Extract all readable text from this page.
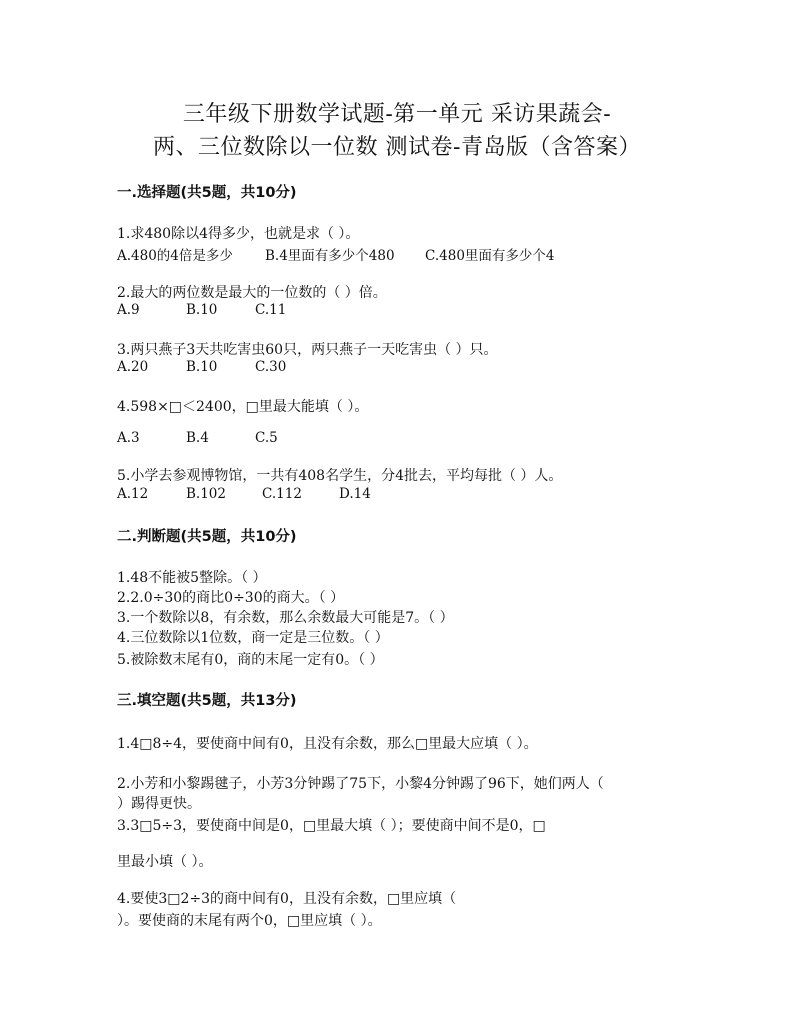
三年级下册数学试题-第一单元 采访果蔬会-
两、三位数除以一位数 测试卷-青岛版（含答案）
一.选择题(共5题，共10分)
1.求480除以4得多少，也就是求（ ）。
A.480的4倍是多少 B.4里面有多少个480 C.480里面有多少个4
2.最大的两位数是最大的一位数的（ ）倍。
A.9	B.10	C.11
3.两只燕子3天共吃害虫60只，两只燕子一天吃害虫（ ）只。
A.20	B.10	C.30
4.598×□＜2400，□里最大能填（ ）。
A.3	B.4	C.5
5.小学去参观博物馆，一共有408名学生，分4批去，平均每批（ ）人。
A.12	B.102	C.112	D.14
二.判断题(共5题，共10分)
1.48不能被5整除。（ ）
2.2.0÷30的商比0÷30的商大。（ ）
3.一个数除以8，有余数，那么余数最大可能是7。（ ）
4.三位数除以1位数，商一定是三位数。（ ）
5.被除数末尾有0，商的末尾一定有0。（ ）
三.填空题(共5题，共13分)
1.4□8÷4，要使商中间有0，且没有余数，那么□里最大应填（ ）。
2.小芳和小黎踢毽子，小芳3分钟踢了75下，小黎4分钟踢了96下，她们两人（
）踢得更快。
3.3□5÷3，要使商中间是0，□里最大填（ ）；要使商中间不是0，□
里最小填（ ）。
4.要使3□2÷3的商中间有0，且没有余数，□里应填（
）。要使商的末尾有两个0，□里应填（ ）。
